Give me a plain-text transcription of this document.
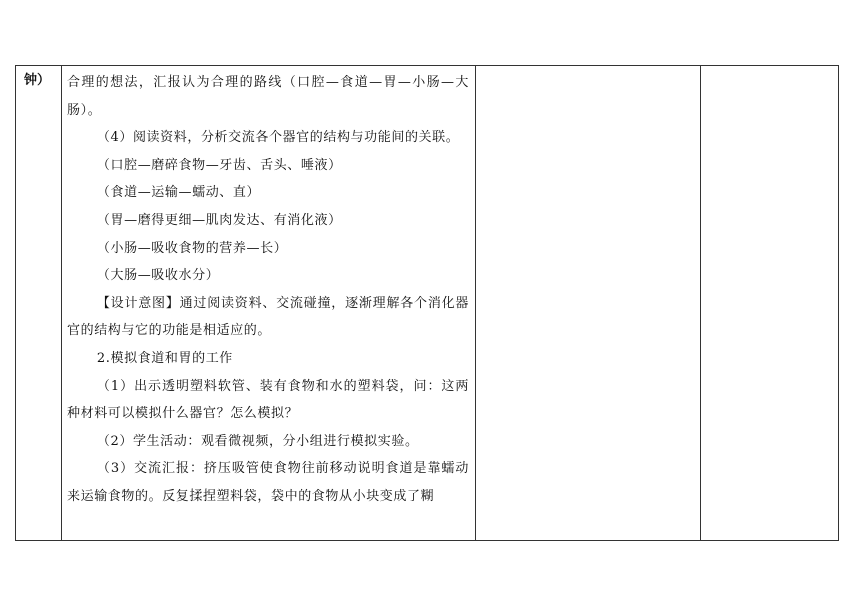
钟）	合理的想法，汇报认为合理的路线（口腔—食道—胃—小肠—大肠）。

（4）阅读资料，分析交流各个器官的结构与功能间的关联。

（口腔—磨碎食物—牙齿、舌头、唾液）

（食道—运输—蠕动、直）

（胃—磨得更细—肌肉发达、有消化液）

（小肠—吸收食物的营养—长）

（大肠—吸收水分）

【设计意图】通过阅读资料、交流碰撞，逐渐理解各个消化器官的结构与它的功能是相适应的。

2.模拟食道和胃的工作

（1）出示透明塑料软管、装有食物和水的塑料袋，问：这两种材料可以模拟什么器官？怎么模拟？

（2）学生活动：观看微视频，分小组进行模拟实验。

（3）交流汇报：挤压吸管使食物往前移动说明食道是靠蠕动来运输食物的。反复揉捏塑料袋，袋中的食物从小块变成了糊
